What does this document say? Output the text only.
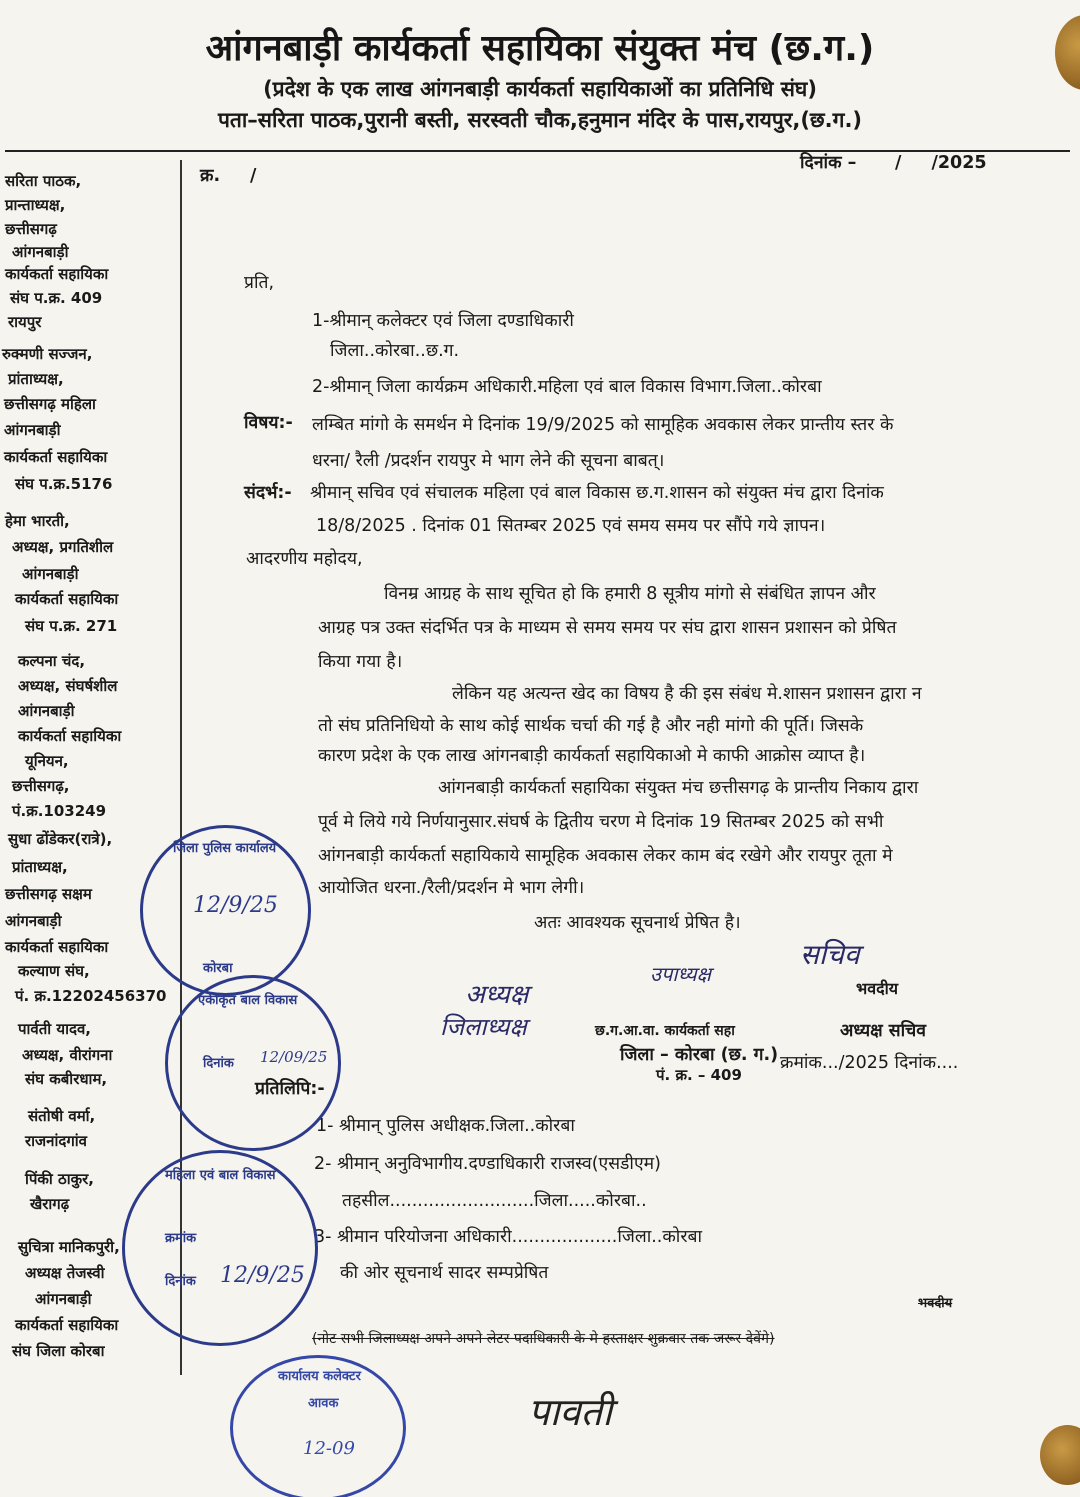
आंगनबाड़ी कार्यकर्ता सहायिका संयुक्त मंच (छ.ग.)
(प्रदेश के एक लाख आंगनबाड़ी कार्यकर्ता सहायिकाओं का प्रतिनिधि संघ)
पता–सरिता पाठक,पुरानी बस्ती, सरस्वती चौक,हनुमान मंदिर के पास,रायपुर,(छ.ग.)
क्र. /
दिनांक – / /2025
सरिता पाठक,
प्रान्ताध्यक्ष,
छत्तीसगढ़
आंगनबाड़ी
कार्यकर्ता सहायिका
संघ प.क्र. 409
रायपुर
रुक्मणी सज्जन,
प्रांताध्यक्ष,
छत्तीसगढ़ महिला
आंगनबाड़ी
कार्यकर्ता सहायिका
संघ प.क्र.5176
हेमा भारती,
अध्यक्ष, प्रगतिशील
आंगनबाड़ी
कार्यकर्ता सहायिका
संघ प.क्र. 271
कल्पना चंद,
अध्यक्ष, संघर्षशील
आंगनबाड़ी
कार्यकर्ता सहायिका
यूनियन,
छत्तीसगढ़,
पं.क्र.103249
सुधा ढोंडेकर(रात्रे),
प्रांताध्यक्ष,
छत्तीसगढ़ सक्षम
आंगनबाड़ी
कार्यकर्ता सहायिका
कल्याण संघ,
पं. क्र.12202456370
पार्वती यादव,
अध्यक्ष, वीरांगना
संघ कबीरधाम,
संतोषी वर्मा,
राजनांदगांव
पिंकी ठाकुर,
खैरागढ़
सुचित्रा मानिकपुरी,
अध्यक्ष तेजस्वी
आंगनबाड़ी
कार्यकर्ता सहायिका
संघ जिला कोरबा
प्रति,
1-श्रीमान् कलेक्टर एवं जिला दण्डाधिकारी
जिला..कोरबा..छ.ग.
2-श्रीमान् जिला कार्यक्रम अधिकारी.महिला एवं बाल विकास विभाग.जिला..कोरबा
विषय:- लम्बित मांगो के समर्थन मे दिनांक 19/9/2025 को सामूहिक अवकास लेकर प्रान्तीय स्तर के
धरना/ रैली /प्रदर्शन रायपुर मे भाग लेने की सूचना बाबत्।
संदर्भ:- श्रीमान् सचिव एवं संचालक महिला एवं बाल विकास छ.ग.शासन को संयुक्त मंच द्वारा दिनांक
18/8/2025 . दिनांक 01 सितम्बर 2025 एवं समय समय पर सौंपे गये ज्ञापन।
आदरणीय महोदय,
विनम्र आग्रह के साथ सूचित हो कि हमारी 8 सूत्रीय मांगो से संबंधित ज्ञापन और
आग्रह पत्र उक्त संदर्भित पत्र के माध्यम से समय समय पर संघ द्वारा शासन प्रशासन को प्रेषित
किया गया है।
लेकिन यह अत्यन्त खेद का विषय है की इस संबंध मे.शासन प्रशासन द्वारा न
तो संघ प्रतिनिधियो के साथ कोई सार्थक चर्चा की गई है और नही मांगो की पूर्ति। जिसके
कारण प्रदेश के एक लाख आंगनबाड़ी कार्यकर्ता सहायिकाओ मे काफी आक्रोस व्याप्त है।
आंगनबाड़ी कार्यकर्ता सहायिका संयुक्त मंच छत्तीसगढ़ के प्रान्तीय निकाय द्वारा
पूर्व मे लिये गये निर्णयानुसार.संघर्ष के द्वितीय चरण मे दिनांक 19 सितम्बर 2025 को सभी
आंगनबाड़ी कार्यकर्ता सहायिकाये सामूहिक अवकास लेकर काम बंद रखेगे और रायपुर तूता मे
आयोजित धरना./रैली/प्रदर्शन मे भाग लेगी।
अतः आवश्यक सूचनार्थ प्रेषित है।
अध्यक्ष
जिलाध्यक्ष
उपाध्यक्ष
सचिव
भवदीय
छ.ग.आ.वा. कार्यकर्ता सहा	अध्यक्ष सचिव
जिला – कोरबा (छ. ग.) क्रमांक.../2025 दिनांक....
पं. क्र. – 409
प्रतिलिपि:-
1- श्रीमान् पुलिस अधीक्षक.जिला..कोरबा
2- श्रीमान् अनुविभागीय.दण्डाधिकारी राजस्व(एसडीएम)
तहसील..........................जिला.....कोरबा..
3- श्रीमान परियोजना अधिकारी...................जिला..कोरबा
की ओर सूचनार्थ सादर सम्पप्रेषित
भवदीय
(नोट सभी जिलाध्यक्ष अपने अपने लेटर पदाधिकारी के मे हस्ताक्षर शुक्रवार तक जरूर देवेंगे)
पावती
जिला पुलिस कार्यालय
12/9/25
कोरबा
एकीकृत बाल विकास
दिनांक 12/09/25
महिला एवं बाल विकास
क्रमांक
दिनांक 12/9/25
कार्यालय कलेक्टर
आवक
12-09
